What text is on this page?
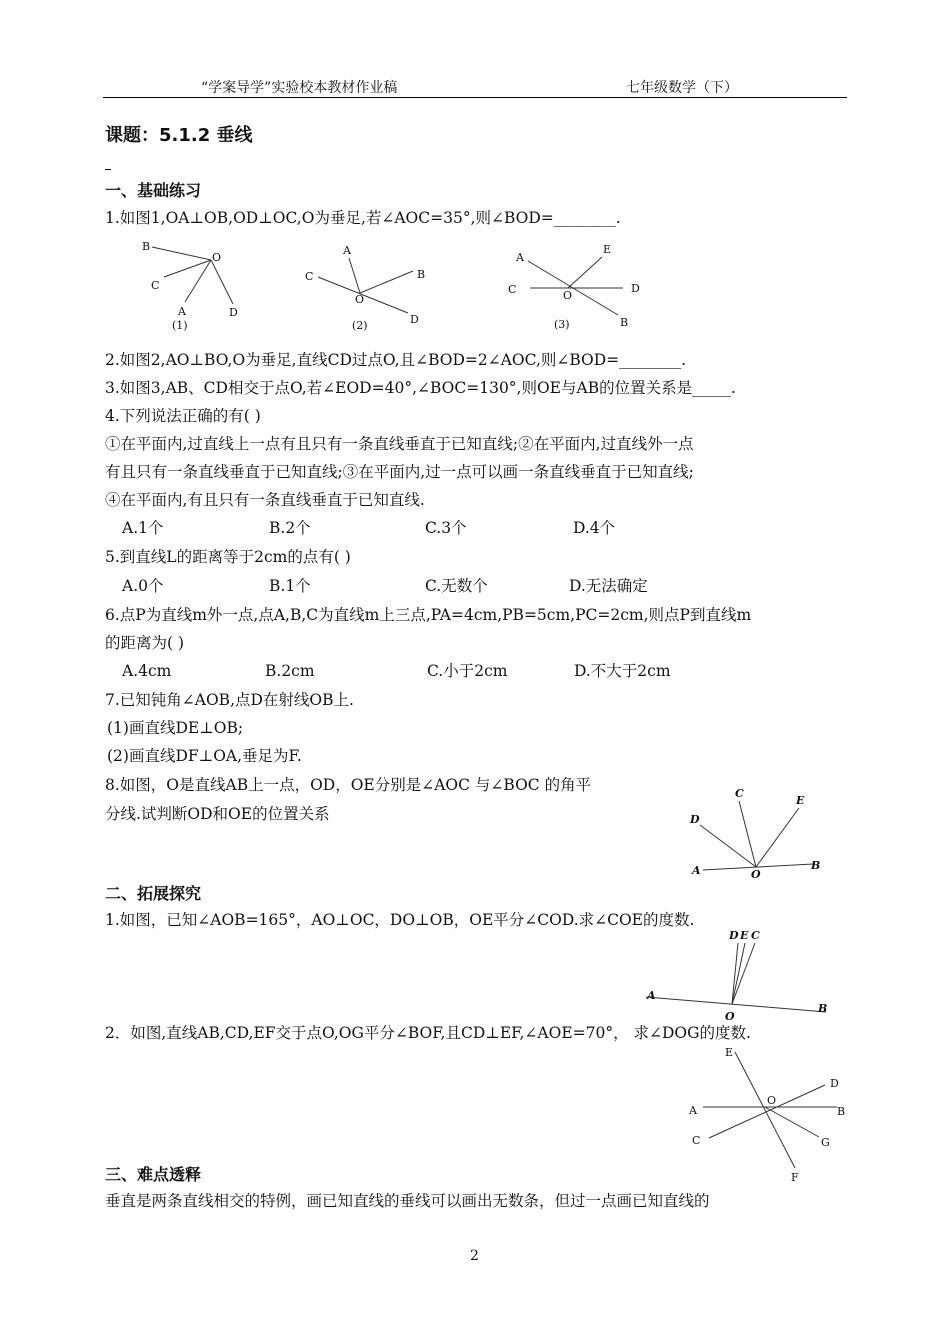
“学案导学”实验校本教材作业稿	七年级数学（下）
课题：5.1.2 垂线
一、基础练习
1.如图1,OA⊥OB,OD⊥OC,O为垂足,若∠AOC=35°,则∠BOD=________.
B
O
C
A	D
(1)
A
B
C
O
D
(2)
A
E
C	O
D
B
(3)
2.如图2,AO⊥BO,O为垂足,直线CD过点O,且∠BOD=2∠AOC,则∠BOD=________.
3.如图3,AB、CD相交于点O,若∠EOD=40°,∠BOC=130°,则OE与AB的位置关系是_____.
4.下列说法正确的有( )
①在平面内,过直线上一点有且只有一条直线垂直于已知直线;②在平面内,过直线外一点
有且只有一条直线垂直于已知直线;③在平面内,过一点可以画一条直线垂直于已知直线;
④在平面内,有且只有一条直线垂直于已知直线.
A.1个	B.2个	C.3个	D.4个
5.到直线L的距离等于2cm的点有( )
A.0个	B.1个	C.无数个	D.无法确定
6.点P为直线m外一点,点A,B,C为直线m上三点,PA=4cm,PB=5cm,PC=2cm,则点P到直线m
的距离为( )
A.4cm	B.2cm	C.小于2cm	D.不大于2cm
7.已知钝角∠AOB,点D在射线OB上.
(1)画直线DE⊥OB;
(2)画直线DF⊥OA,垂足为F.
8.如图，O是直线AB上一点，OD，OE分别是∠AOC 与∠BOC 的角平
分线.试判断OD和OE的位置关系
C
E
D
A	O
B
二、拓展探究
1.如图，已知∠AOB=165°，AO⊥OC，DO⊥OB，OE平分∠COD.求∠COE的度数.
D E C
A
O
B
2．如图,直线AB,CD,EF交于点O,OG平分∠BOF,且CD⊥EF,∠AOE=70°， 求∠DOG的度数.
E
D
A
O
B
C	G
F
三、难点透释
垂直是两条直线相交的特例，画已知直线的垂线可以画出无数条，但过一点画已知直线的
2
